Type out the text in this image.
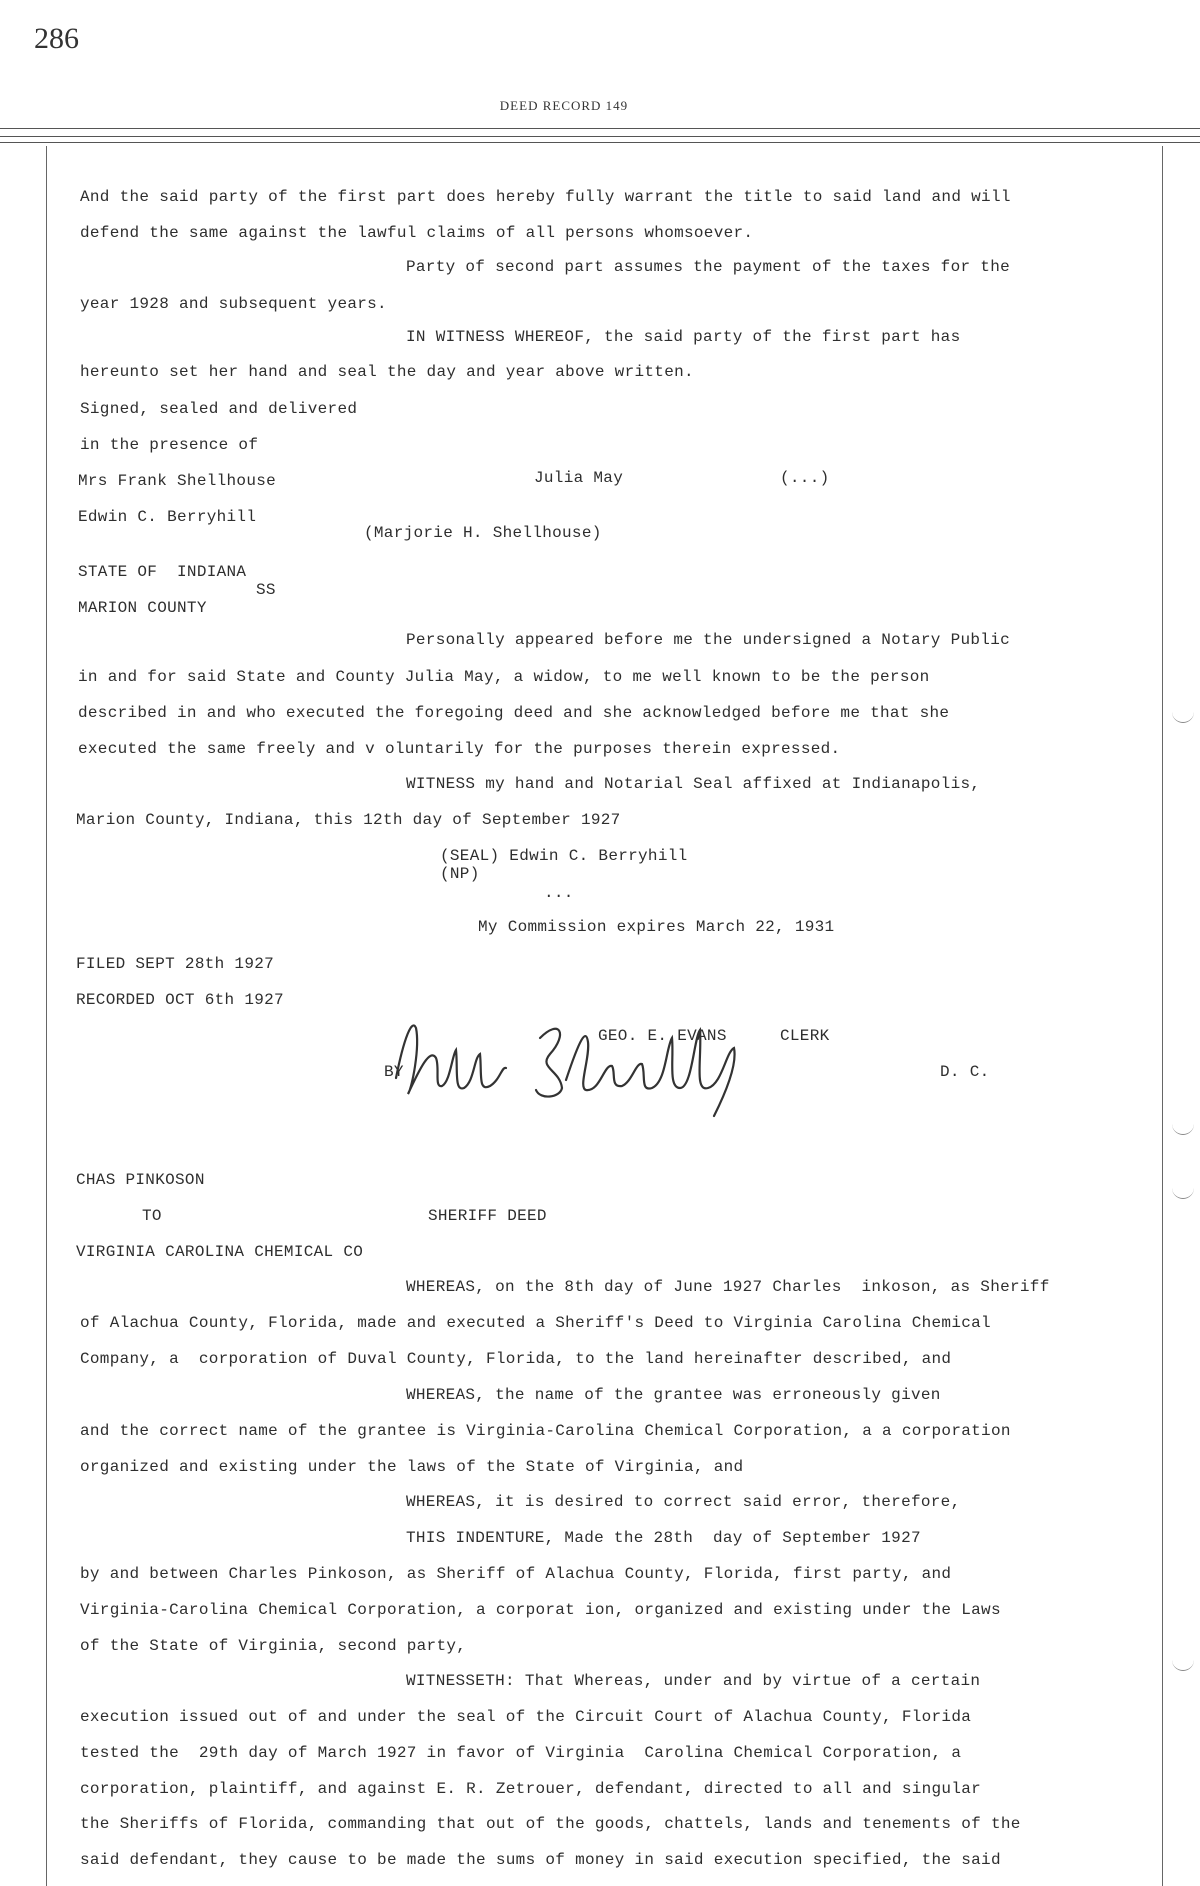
286
DEED RECORD 149
And the said party of the first part does hereby fully warrant the title to said land and will
defend the same against the lawful claims of all persons whomsoever.
Party of second part assumes the payment of the taxes for the
year 1928 and subsequent years.
IN WITNESS WHEREOF, the said party of the first part has
hereunto set her hand and seal the day and year above written.
Signed, sealed and delivered
in the presence of
Mrs Frank Shellhouse	Julia May	(...)
Edwin C. Berryhill
(Marjorie H. Shellhouse)
STATE OF  INDIANA
SS
MARION COUNTY
Personally appeared before me the undersigned a Notary Public
in and for said State and County Julia May, a widow, to me well known to be the person
described in and who executed the foregoing deed and she acknowledged before me that she
executed the same freely and v oluntarily for the purposes therein expressed.
WITNESS my hand and Notarial Seal affixed at Indianapolis,
Marion County, Indiana, this 12th day of September 1927
(SEAL) Edwin C. Berryhill
(NP)
...
My Commission expires March 22, 1931
FILED SEPT 28th 1927
RECORDED OCT 6th 1927
GEO. E. EVANS	CLERK
BY	D. C.
CHAS PINKOSON
TO	SHERIFF DEED
VIRGINIA CAROLINA CHEMICAL CO
WHEREAS, on the 8th day of June 1927 Charles  inkoson, as Sheriff
of Alachua County, Florida, made and executed a Sheriff's Deed to Virginia Carolina Chemical
Company, a  corporation of Duval County, Florida, to the land hereinafter described, and
WHEREAS, the name of the grantee was erroneously given
and the correct name of the grantee is Virginia-Carolina Chemical Corporation, a a corporation
organized and existing under the laws of the State of Virginia, and
WHEREAS, it is desired to correct said error, therefore,
THIS INDENTURE, Made the 28th  day of September 1927
by and between Charles Pinkoson, as Sheriff of Alachua County, Florida, first party, and
Virginia-Carolina Chemical Corporation, a corporat ion, organized and existing under the Laws
of the State of Virginia, second party,
WITNESSETH: That Whereas, under and by virtue of a certain
execution issued out of and under the seal of the Circuit Court of Alachua County, Florida
tested the  29th day of March 1927 in favor of Virginia  Carolina Chemical Corporation, a
corporation, plaintiff, and against E. R. Zetrouer, defendant, directed to all and singular
the Sheriffs of Florida, commanding that out of the goods, chattels, lands and tenements of the
said defendant, they cause to be made the sums of money in said execution specified, the said
